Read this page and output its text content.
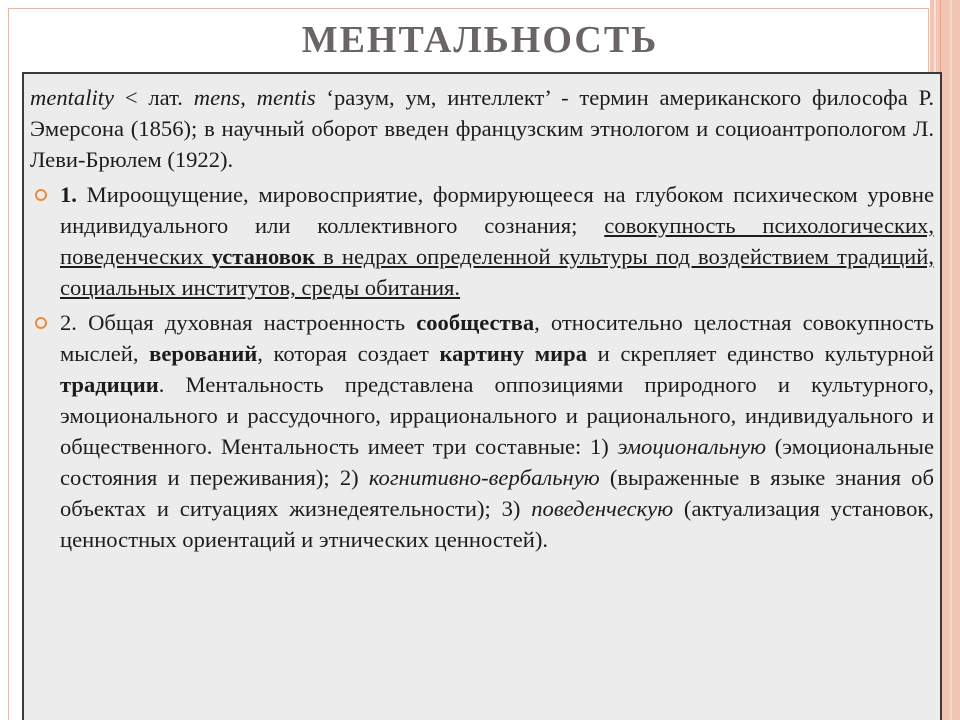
МЕНТАЛЬНОСТЬ

mentality < лат. mens, mentis ‘разум, ум, интеллект’ - термин американского философа Р. Эмерсона (1856); в научный оборот введен французским этнологом и социоантропологом Л. Леви-Брюлем (1922).

1. Мироощущение, мировосприятие, формирующееся на глубоком психическом уровне индивидуального или коллективного сознания; совокупность психологических, поведенческих установок в недрах определенной культуры под воздействием традиций, социальных институтов, среды обитания.

2. Общая духовная настроенность сообщества, относительно целостная совокупность мыслей, верований, которая создает картину мира и скрепляет единство культурной традиции. Ментальность представлена оппозициями природного и культурного, эмоционального и рассудочного, иррационального и рационального, индивидуального и общественного. Ментальность имеет три составные: 1) эмоциональную (эмоциональные состояния и переживания); 2) когнитивно-вербальную (выраженные в языке знания об объектах и ситуациях жизнедеятельности); 3) поведенческую (актуализация установок, ценностных ориентаций и этнических ценностей).
